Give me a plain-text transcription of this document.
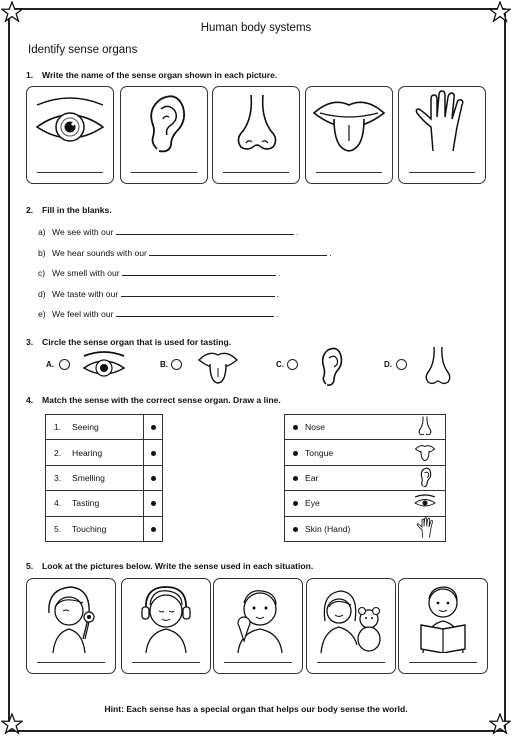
Human body systems
Identify sense organs
1. Write the name of the sense organ shown in each picture.
2. Fill in the blanks.
a) We see with our	.
b) We hear sounds with our	.
c) We smell with our	.
d) We taste with our	.
e) We feel with our	.
3. Circle the sense organ that is used for tasting.
A.	B.	C.	D.
4. Match the sense with the correct sense organ. Draw a line.
1. Seeing	
2. Hearing	
3. Smelling	
4. Tasting	
5. Touching	
	Nose	
	Tongue	
	Ear	
	Eye	
	Skin (Hand)	
5. Look at the pictures below. Write the sense used in each situation.
Hint: Each sense has a special organ that helps our body sense the world.
